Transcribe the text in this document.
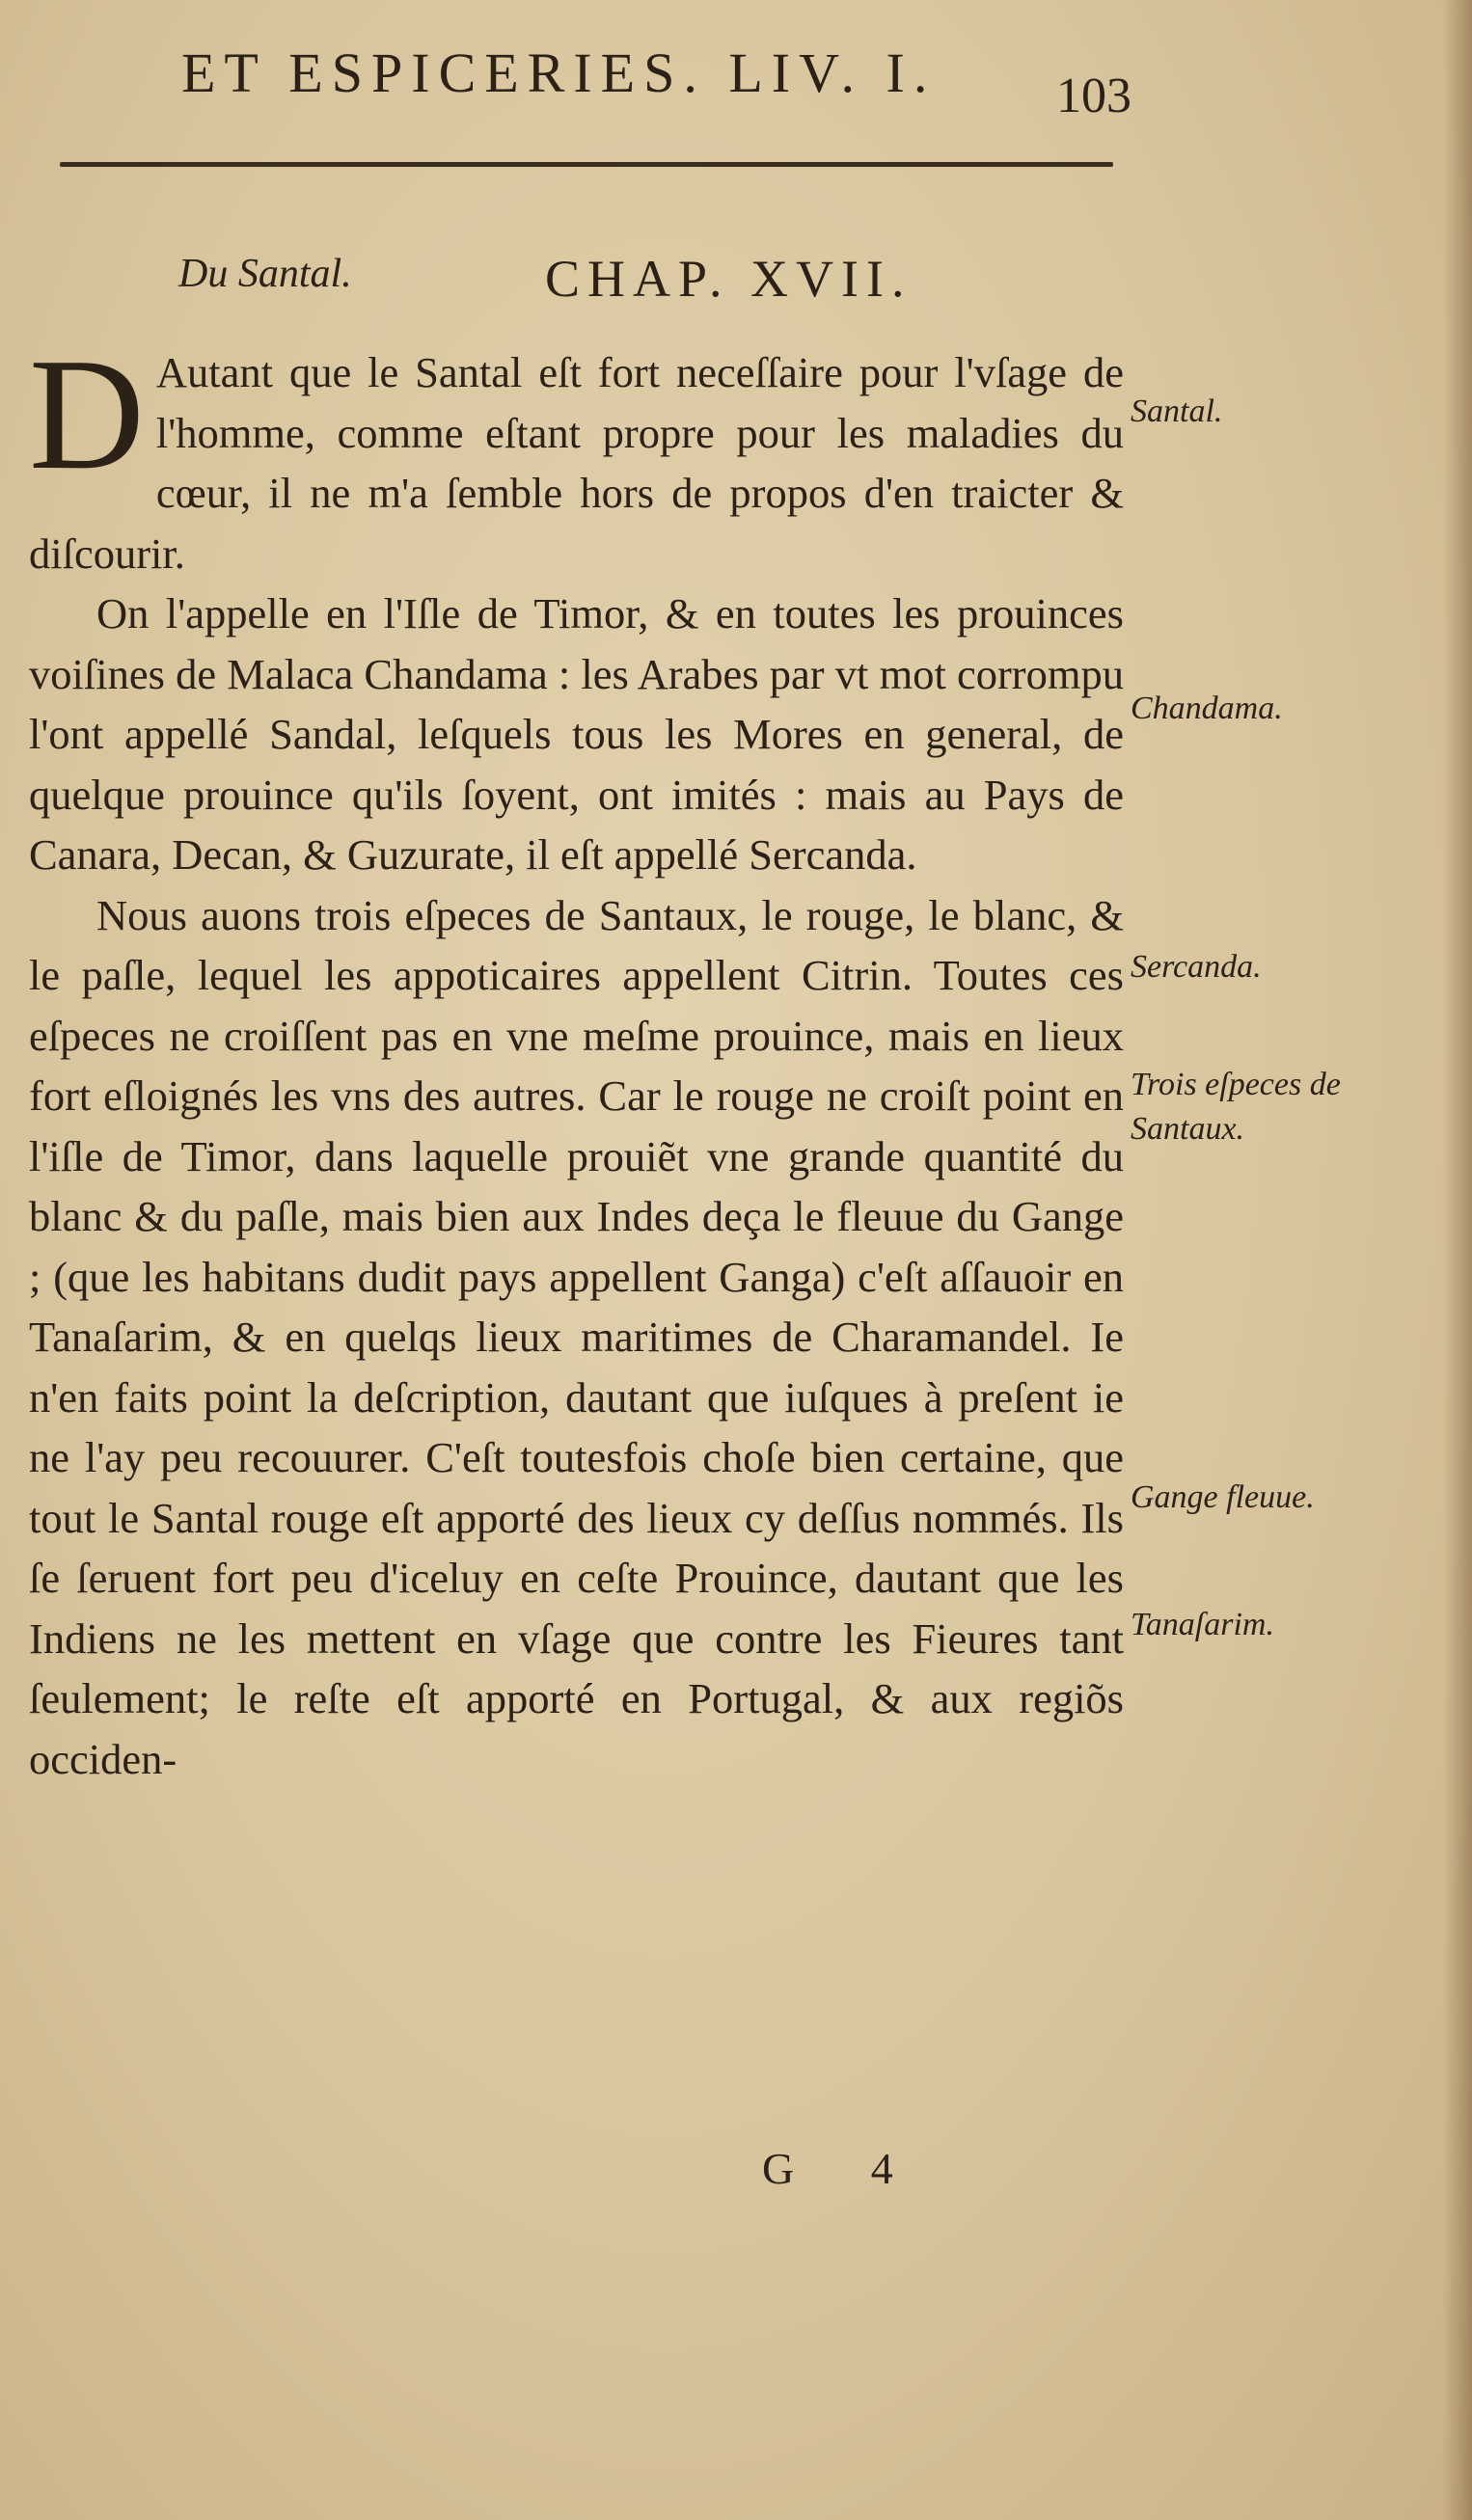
ET ESPICERIES. LIV. I.	103
Du Santal.	CHAP. XVII.

D Autant que le Santal eſt fort neceſſaire pour l'vſage de l'homme, comme eſtant propre pour les maladies du cœur, il ne m'a ſemble hors de propos d'en traicter & diſcourir.

On l'appelle en l'Iſle de Timor, & en toutes les prouinces voiſines de Malaca Chandama : les Arabes par vt mot corrompu l'ont appellé Sandal, leſquels tous les Mores en general, de quelque prouince qu'ils ſoyent, ont imités : mais au Pays de Canara, Decan, & Guzurate, il eſt appellé Sercanda.

Nous auons trois eſpeces de Santaux, le rouge, le blanc, & le paſle, lequel les appoticaires appellent Citrin. Toutes ces eſpeces ne croiſſent pas en vne meſme prouince, mais en lieux fort eſloignés les vns des autres. Car le rouge ne croiſt point en l'iſle de Timor, dans laquelle prouiẽt vne grande quantité du blanc & du paſle, mais bien aux Indes deça le fleuue du Gange ; (que les habitans dudit pays appellent Ganga) c'eſt aſſauoir en Tanaſarim, & en quelqs lieux maritimes de Charamandel. Ie n'en faits point la deſcription, dautant que iuſques à preſent ie ne l'ay peu recouurer. C'eſt toutesfois choſe bien certaine, que tout le Santal rouge eſt apporté des lieux cy deſſus nommés. Ils ſe ſeruent fort peu d'iceluy en ceſte Prouince, dautant que les Indiens ne les mettent en vſage que contre les Fieures tant ſeulement; le reſte eſt apporté en Portugal, & aux regiõs occiden-

Santal.
Chandama.
Sercanda.
Trois eſpeces de Santaux.
Gange fleuue.
Tanaſarim.
G 4
